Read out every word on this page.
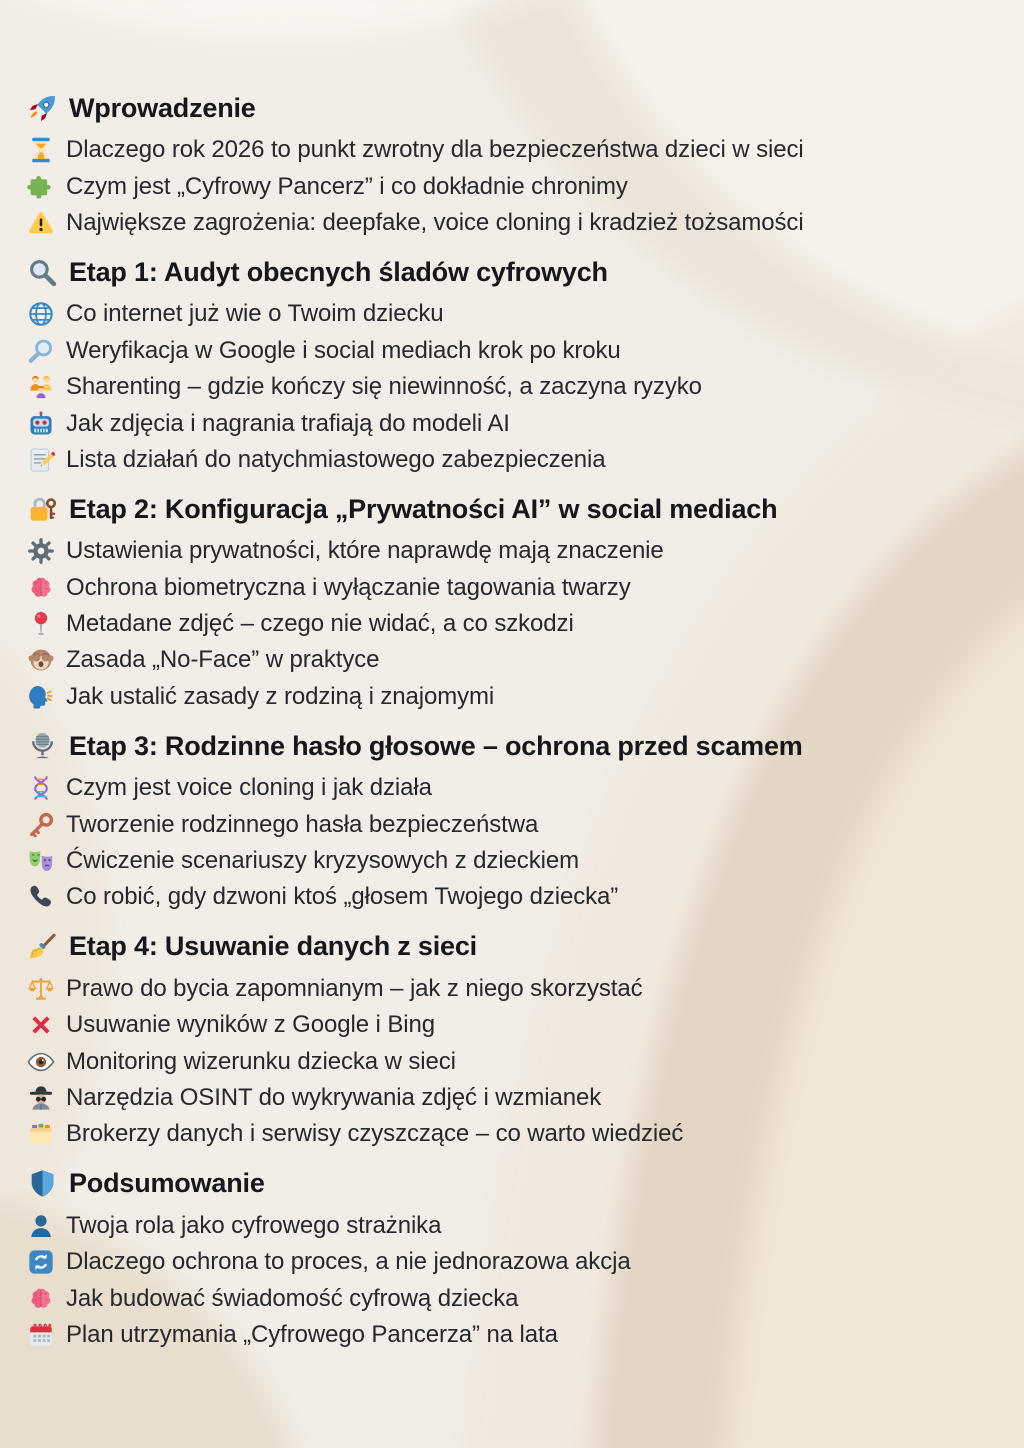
Wprowadzenie
Dlaczego rok 2026 to punkt zwrotny dla bezpieczeństwa dzieci w sieci
Czym jest „Cyfrowy Pancerz” i co dokładnie chronimy
Największe zagrożenia: deepfake, voice cloning i kradzież tożsamości
Etap 1: Audyt obecnych śladów cyfrowych
Co internet już wie o Twoim dziecku
Weryfikacja w Google i social mediach krok po kroku
Sharenting – gdzie kończy się niewinność, a zaczyna ryzyko
Jak zdjęcia i nagrania trafiają do modeli AI
Lista działań do natychmiastowego zabezpieczenia
Etap 2: Konfiguracja „Prywatności AI” w social mediach
Ustawienia prywatności, które naprawdę mają znaczenie
Ochrona biometryczna i wyłączanie tagowania twarzy
Metadane zdjęć – czego nie widać, a co szkodzi
Zasada „No-Face” w praktyce
Jak ustalić zasady z rodziną i znajomymi
Etap 3: Rodzinne hasło głosowe – ochrona przed scamem
Czym jest voice cloning i jak działa
Tworzenie rodzinnego hasła bezpieczeństwa
Ćwiczenie scenariuszy kryzysowych z dzieckiem
Co robić, gdy dzwoni ktoś „głosem Twojego dziecka”
Etap 4: Usuwanie danych z sieci
Prawo do bycia zapomnianym – jak z niego skorzystać
Usuwanie wyników z Google i Bing
Monitoring wizerunku dziecka w sieci
Narzędzia OSINT do wykrywania zdjęć i wzmianek
Brokerzy danych i serwisy czyszczące – co warto wiedzieć
Podsumowanie
Twoja rola jako cyfrowego strażnika
Dlaczego ochrona to proces, a nie jednorazowa akcja
Jak budować świadomość cyfrową dziecka
Plan utrzymania „Cyfrowego Pancerza” na lata
